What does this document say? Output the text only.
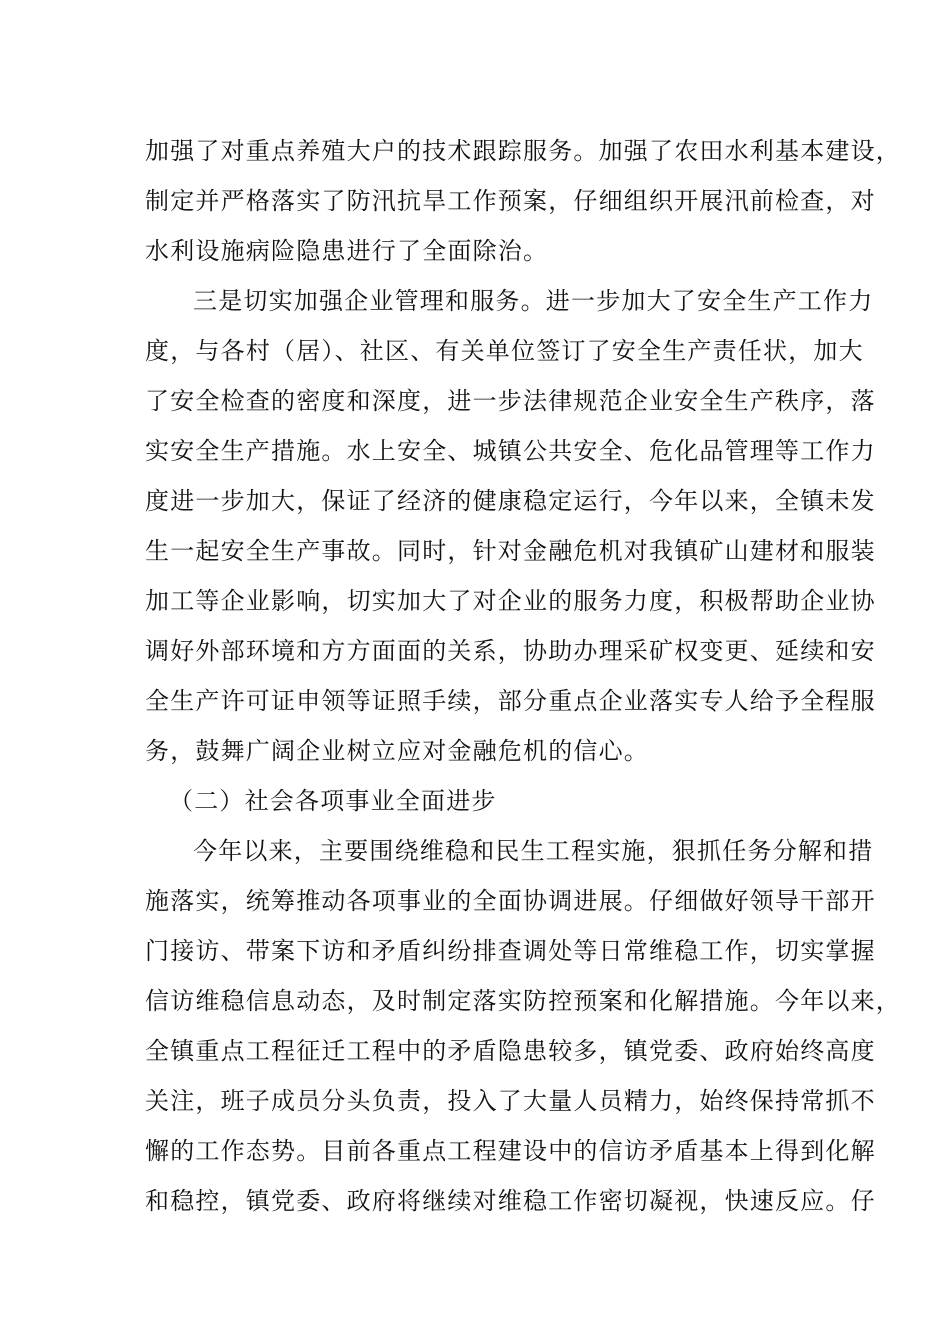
加强了对重点养殖大户的技术跟踪服务。加强了农田水利基本建设，
制定并严格落实了防汛抗旱工作预案，仔细组织开展汛前检查，对
水利设施病险隐患进行了全面除治。
三是切实加强企业管理和服务。进一步加大了安全生产工作力
度，与各村（居）、社区、有关单位签订了安全生产责任状，加大
了安全检查的密度和深度，进一步法律规范企业安全生产秩序，落
实安全生产措施。水上安全、城镇公共安全、危化品管理等工作力
度进一步加大，保证了经济的健康稳定运行，今年以来，全镇未发
生一起安全生产事故。同时，针对金融危机对我镇矿山建材和服装
加工等企业影响，切实加大了对企业的服务力度，积极帮助企业协
调好外部环境和方方面面的关系，协助办理采矿权变更、延续和安
全生产许可证申领等证照手续，部分重点企业落实专人给予全程服
务，鼓舞广阔企业树立应对金融危机的信心。
（二）社会各项事业全面进步
今年以来，主要围绕维稳和民生工程实施，狠抓任务分解和措
施落实，统筹推动各项事业的全面协调进展。仔细做好领导干部开
门接访、带案下访和矛盾纠纷排查调处等日常维稳工作，切实掌握
信访维稳信息动态，及时制定落实防控预案和化解措施。今年以来，
全镇重点工程征迁工程中的矛盾隐患较多，镇党委、政府始终高度
关注，班子成员分头负责，投入了大量人员精力，始终保持常抓不
懈的工作态势。目前各重点工程建设中的信访矛盾基本上得到化解
和稳控，镇党委、政府将继续对维稳工作密切凝视，快速反应。仔
